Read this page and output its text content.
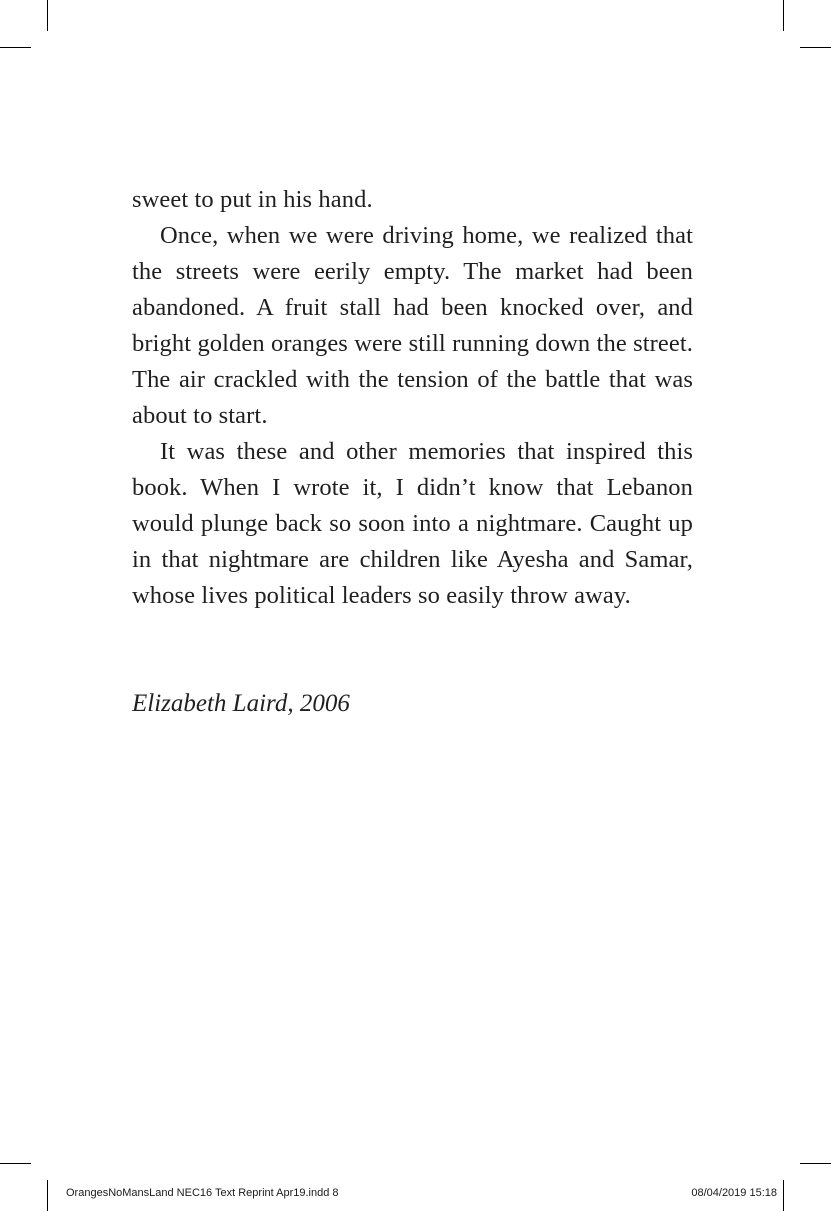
sweet to put in his hand.

Once, when we were driving home, we realized that the streets were eerily empty. The market had been abandoned. A fruit stall had been knocked over, and bright golden oranges were still running down the street. The air crackled with the tension of the battle that was about to start.

It was these and other memories that inspired this book. When I wrote it, I didn’t know that Lebanon would plunge back so soon into a nightmare. Caught up in that nightmare are children like Ayesha and Samar, whose lives political leaders so easily throw away.

Elizabeth Laird, 2006

OrangesNoMansLand NEC16 Text Reprint Apr19.indd 8	08/04/2019 15:18
